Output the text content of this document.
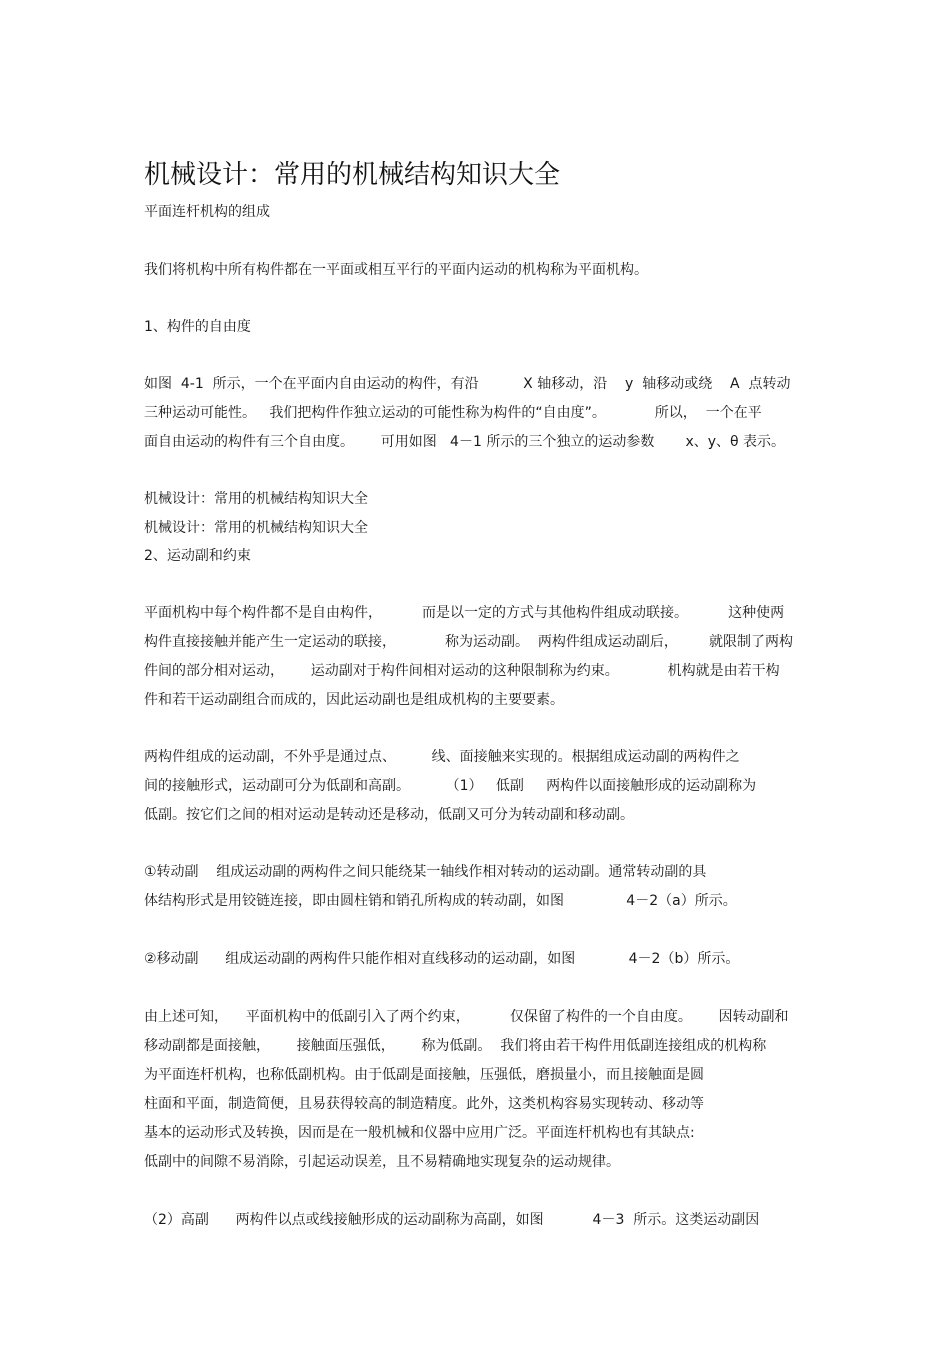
机械设计：常用的机械结构知识大全
平面连杆机构的组成
我们将机构中所有构件都在一平面或相互平行的平面内运动的机构称为平面机构。
1、构件的自由度
如图  4-1  所示，一个在平面内自由运动的构件，有沿          X 轴移动，沿    y  轴移动或绕    A  点转动
三种运动可能性。   我们把构件作独立运动的可能性称为构件的“自由度”。           所以，  一个在平
面自由运动的构件有三个自由度。      可用如图   4－1 所示的三个独立的运动参数       x、y、θ 表示。
机械设计：常用的机械结构知识大全
机械设计：常用的机械结构知识大全
2、运动副和约束
平面机构中每个构件都不是自由构件，         而是以一定的方式与其他构件组成动联接。         这种使两
构件直接接触并能产生一定运动的联接，           称为运动副。  两构件组成运动副后，       就限制了两构
件间的部分相对运动，      运动副对于构件间相对运动的这种限制称为约束。           机构就是由若干构
件和若干运动副组合而成的，因此运动副也是组成机构的主要要素。
两构件组成的运动副，不外乎是通过点、        线、面接触来实现的。根据组成运动副的两构件之
间的接触形式，运动副可分为低副和高副。        （1）   低副     两构件以面接触形成的运动副称为
低副。按它们之间的相对运动是转动还是移动，低副又可分为转动副和移动副。
①转动副    组成运动副的两构件之间只能绕某一轴线作相对转动的运动副。通常转动副的具
体结构形式是用铰链连接，即由圆柱销和销孔所构成的转动副，如图              4－2（a）所示。
②移动副      组成运动副的两构件只能作相对直线移动的运动副，如图            4－2（b）所示。
由上述可知，    平面机构中的低副引入了两个约束，         仅保留了构件的一个自由度。      因转动副和
移动副都是面接触，      接触面压强低，      称为低副。  我们将由若干构件用低副连接组成的机构称
为平面连杆机构，也称低副机构。由于低副是面接触，压强低，磨损量小，而且接触面是圆
柱面和平面，制造简便，且易获得较高的制造精度。此外，这类机构容易实现转动、移动等
基本的运动形式及转换，因而是在一般机械和仪器中应用广泛。平面连杆机构也有其缺点:
低副中的间隙不易消除，引起运动误差，且不易精确地实现复杂的运动规律。
（2）高副      两构件以点或线接触形成的运动副称为高副，如图           4－3  所示。这类运动副因
